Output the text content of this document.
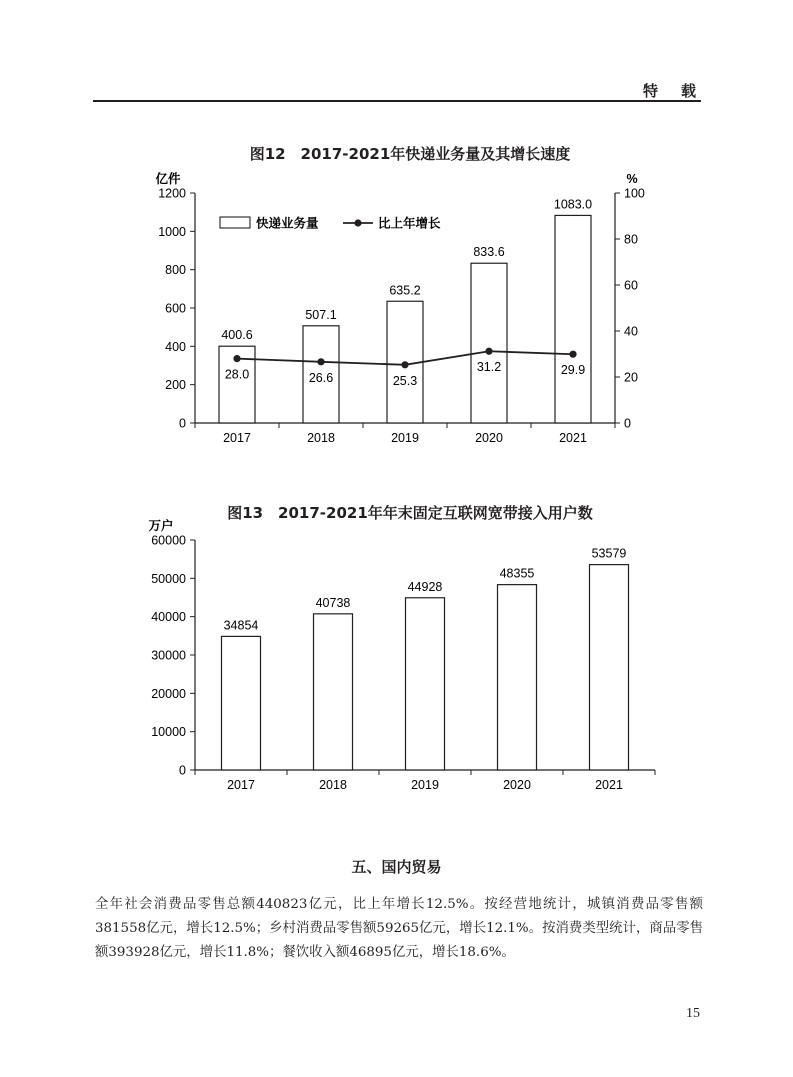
特　载
图12　2017-2021年快递业务量及其增长速度
0
200
400
600
800
1000
1200
亿件
2017
400.6
2018
507.1
2019
635.2
2020
833.6
2021
1083.0
0
20
40
60
80
100
%
28.0	26.6	25.3
31.2	29.9
快递业务量	比上年增长
图13　2017-2021年年末固定互联网宽带接入用户数
0
10000
20000
30000
40000
50000
60000
万户
2017
34854
2018
40738
2019
44928
2020
48355
2021
53579
五、国内贸易

全年社会消费品零售总额440823亿元，比上年增长12.5%。按经营地统计，城镇消费品零售额381558亿元，增长12.5%；乡村消费品零售额59265亿元，增长12.1%。按消费类型统计，商品零售额393928亿元，增长11.8%；餐饮收入额46895亿元，增长18.6%。

15
